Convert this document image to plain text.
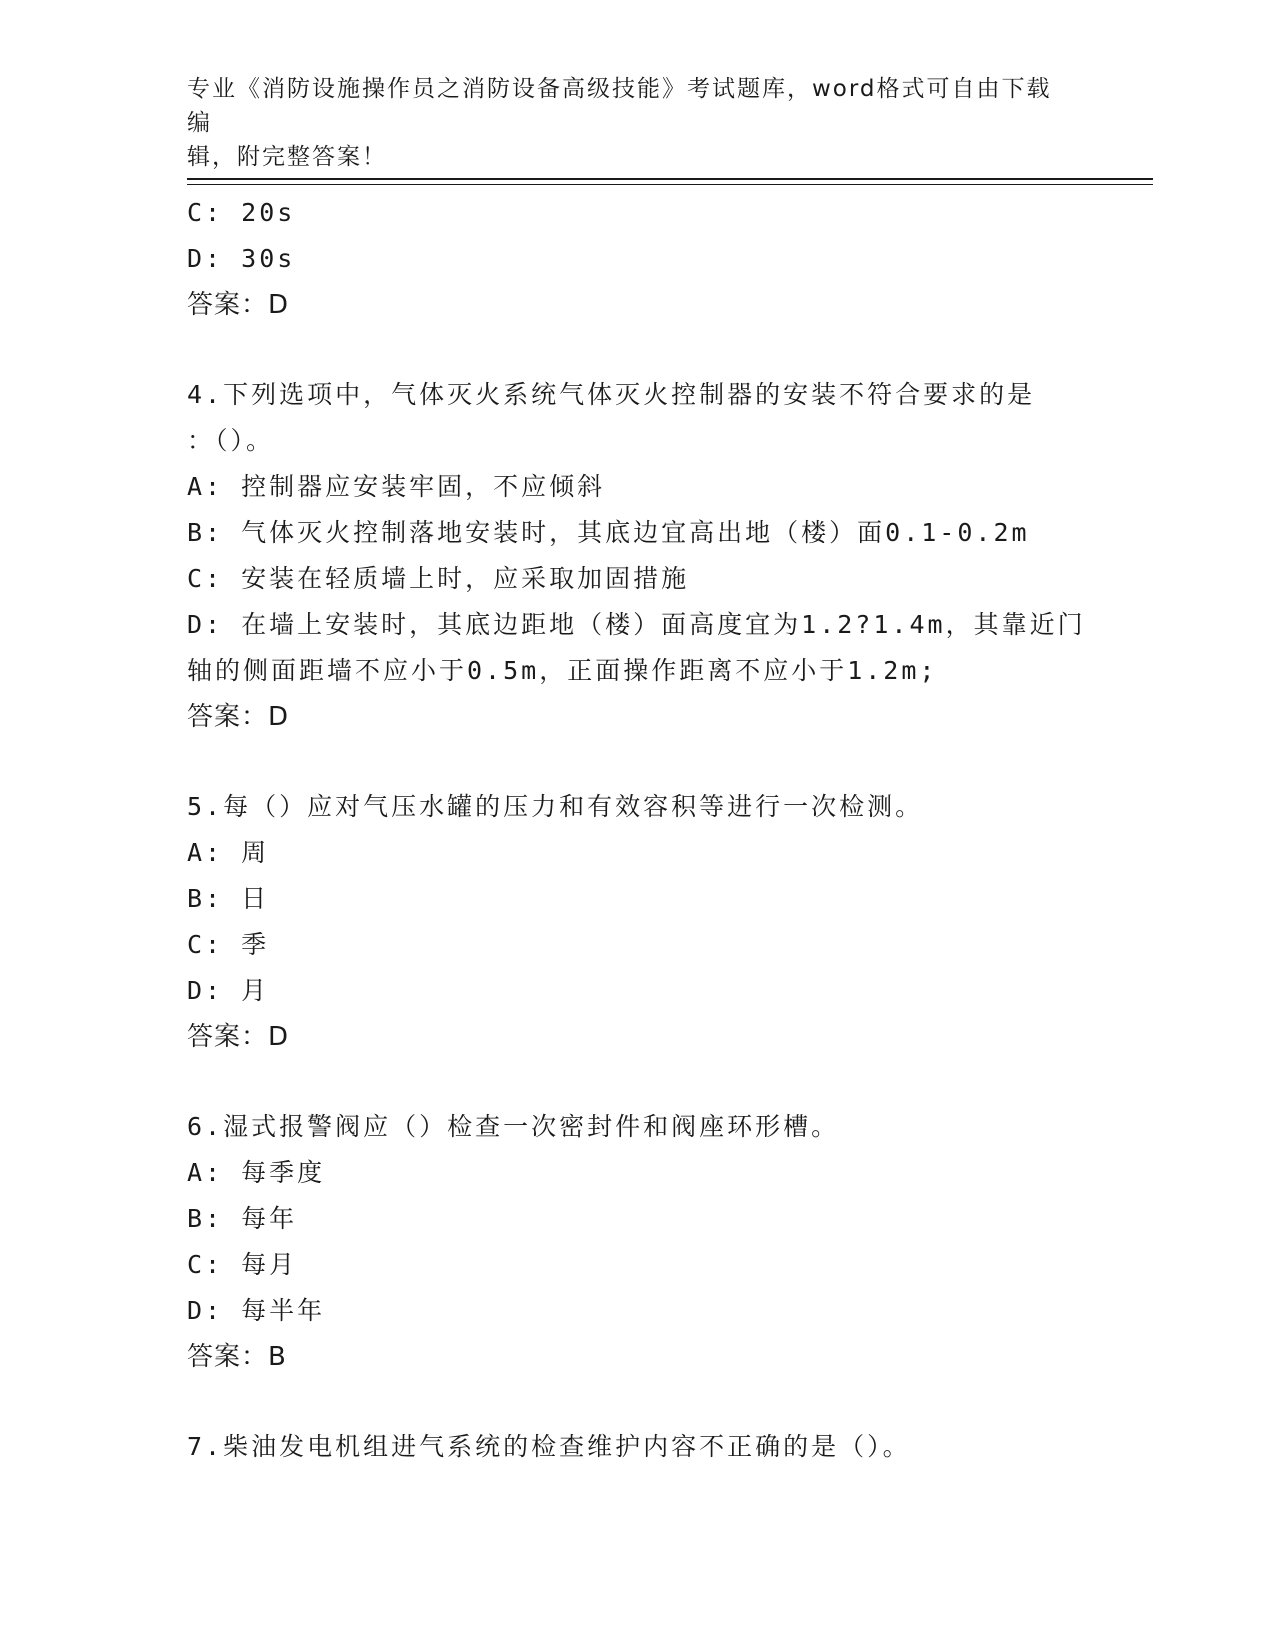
专业《消防设施操作员之消防设备高级技能》考试题库，word格式可自由下载编
辑，附完整答案！
C: 20s
D: 30s
答案：D
4.下列选项中，气体灭火系统气体灭火控制器的安装不符合要求的是
：（）。
A: 控制器应安装牢固，不应倾斜
B: 气体灭火控制落地安装时，其底边宜高出地（楼）面0.1-0.2m
C: 安装在轻质墙上时，应采取加固措施
D: 在墙上安装时，其底边距地（楼）面高度宜为1.2?1.4m，其靠近门
轴的侧面距墙不应小于0.5m，正面操作距离不应小于1.2m;
答案：D
5.每（）应对气压水罐的压力和有效容积等进行一次检测。
A: 周
B: 日
C: 季
D: 月
答案：D
6.湿式报警阀应（）检查一次密封件和阀座环形槽。
A: 每季度
B: 每年
C: 每月
D: 每半年
答案：B
7.柴油发电机组进气系统的检查维护内容不正确的是（）。
